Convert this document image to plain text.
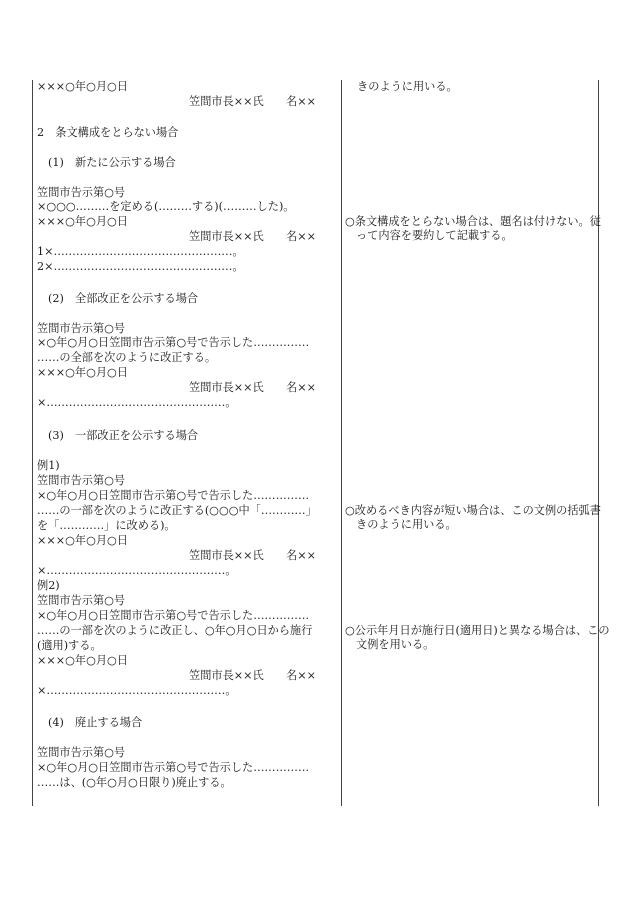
×××○年○月○日
笠間市長××氏　　名××
2　条文構成をとらない場合
(1)　新たに公示する場合
笠間市告示第○号
×○○○………を定める(………する)(………した)。
×××○年○月○日
笠間市長××氏　　名××
1×…………………………………………。
2×…………………………………………。
(2)　全部改正を公示する場合
笠間市告示第○号
×○年○月○日笠間市告示第○号で告示した……………
……の全部を次のように改正する。
×××○年○月○日
笠間市長××氏　　名××
×…………………………………………。
(3)　一部改正を公示する場合
例1)
笠間市告示第○号
×○年○月○日笠間市告示第○号で告示した……………
……の一部を次のように改正する(○○○中「…………」
を「…………」に改める)。
×××○年○月○日
笠間市長××氏　　名××
×…………………………………………。
例2)
笠間市告示第○号
×○年○月○日笠間市告示第○号で告示した……………
……の一部を次のように改正し、○年○月○日から施行
(適用)する。
×××○年○月○日
笠間市長××氏　　名××
×…………………………………………。
(4)　廃止する場合
笠間市告示第○号
×○年○月○日笠間市告示第○号で告示した……………
……は、(○年○月○日限り)廃止する。
きのように用いる。
○条文構成をとらない場合は、題名は付けない。従って内容を要約して記載する。
○改めるべき内容が短い場合は、この文例の括弧書きのように用いる。
○公示年月日が施行日(適用日)と異なる場合は、この文例を用いる。
